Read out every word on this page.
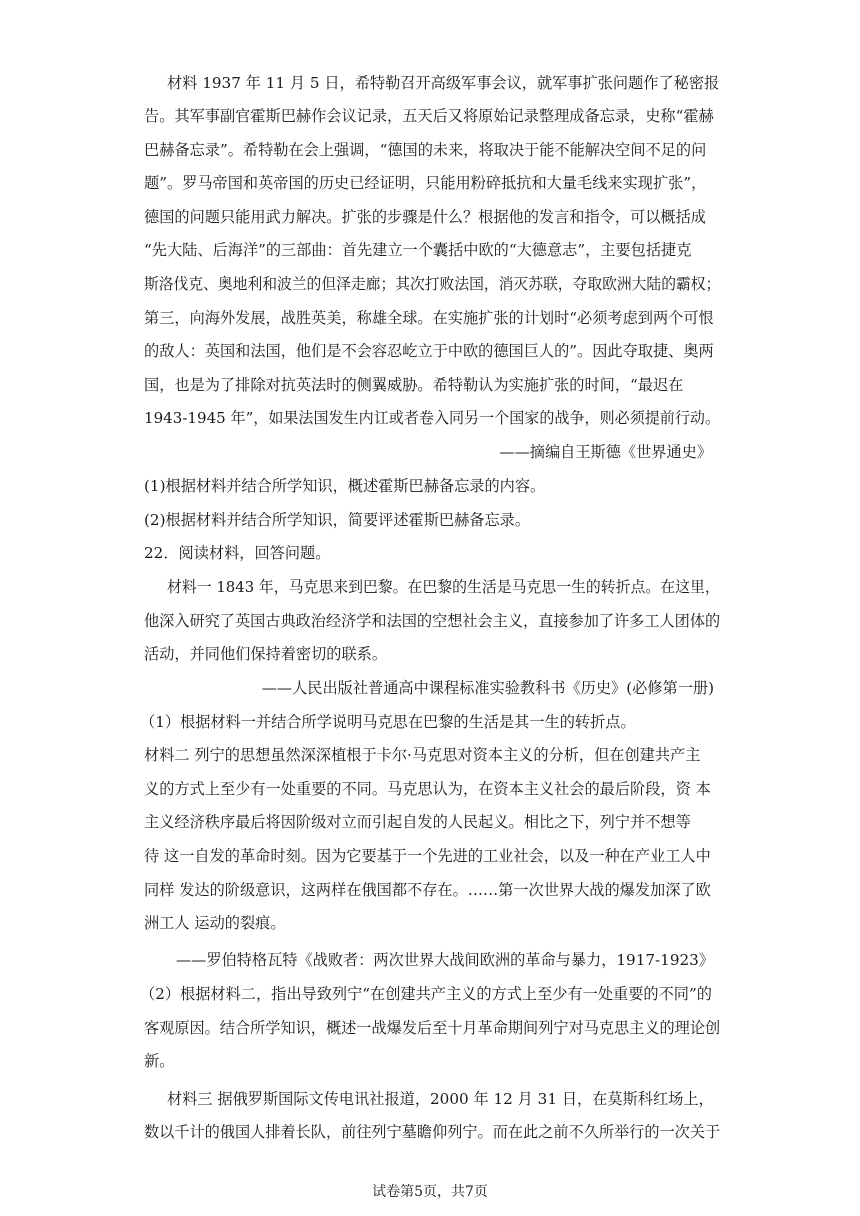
材料 1937 年 11 月 5 日，希特勒召开高级军事会议，就军事扩张问题作了秘密报
告。其军事副官霍斯巴赫作会议记录，五天后又将原始记录整理成备忘录，史称“霍赫
巴赫备忘录”。希特勒在会上强调，“德国的未来，将取决于能不能解决空间不足的问
题”。罗马帝国和英帝国的历史已经证明，只能用粉碎抵抗和大量毛线来实现扩张”，
德国的问题只能用武力解决。扩张的步骤是什么？根据他的发言和指令，可以概括成
“先大陆、后海洋”的三部曲：首先建立一个囊括中欧的“大德意志”，主要包括捷克
斯洛伐克、奥地利和波兰的但泽走廊；其次打败法国，消灭苏联，夺取欧洲大陆的霸权；
第三，向海外发展，战胜英美，称雄全球。在实施扩张的计划时“必须考虑到两个可恨
的敌人：英国和法国，他们是不会容忍屹立于中欧的德国巨人的”。因此夺取捷、奥两
国，也是为了排除对抗英法时的侧翼威胁。希特勒认为实施扩张的时间，“最迟在
1943-1945 年”，如果法国发生内讧或者卷入同另一个国家的战争，则必须提前行动。
——摘编自王斯德《世界通史》
(1)根据材料并结合所学知识，概述霍斯巴赫备忘录的内容。
(2)根据材料并结合所学知识，简要评述霍斯巴赫备忘录。
22．阅读材料，回答问题。
材料一 1843 年，马克思来到巴黎。在巴黎的生活是马克思一生的转折点。在这里，
他深入研究了英国古典政治经济学和法国的空想社会主义，直接参加了许多工人团体的
活动，并同他们保持着密切的联系。
——人民出版社普通高中课程标准实验教科书《历史》(必修第一册)
（1）根据材料一并结合所学说明马克思在巴黎的生活是其一生的转折点。
材料二 列宁的思想虽然深深植根于卡尔·马克思对资本主义的分析，但在创建共产主
义的方式上至少有一处重要的不同。马克思认为，在资本主义社会的最后阶段，资 本
主义经济秩序最后将因阶级对立而引起自发的人民起义。相比之下，列宁并不想等
待 这一自发的革命时刻。因为它要基于一个先进的工业社会，以及一种在产业工人中
同样 发达的阶级意识，这两样在俄国都不存在。……第一次世界大战的爆发加深了欧
洲工人 运动的裂痕。
——罗伯特格瓦特《战败者：两次世界大战间欧洲的革命与暴力，1917-1923》
（2）根据材料二，指出导致列宁“在创建共产主义的方式上至少有一处重要的不同”的
客观原因。结合所学知识，概述一战爆发后至十月革命期间列宁对马克思主义的理论创
新。
材料三 据俄罗斯国际文传电讯社报道，2000 年 12 月 31 日，在莫斯科红场上，
数以千计的俄国人排着长队，前往列宁墓瞻仰列宁。而在此之前不久所举行的一次关于
试卷第5页，共7页
